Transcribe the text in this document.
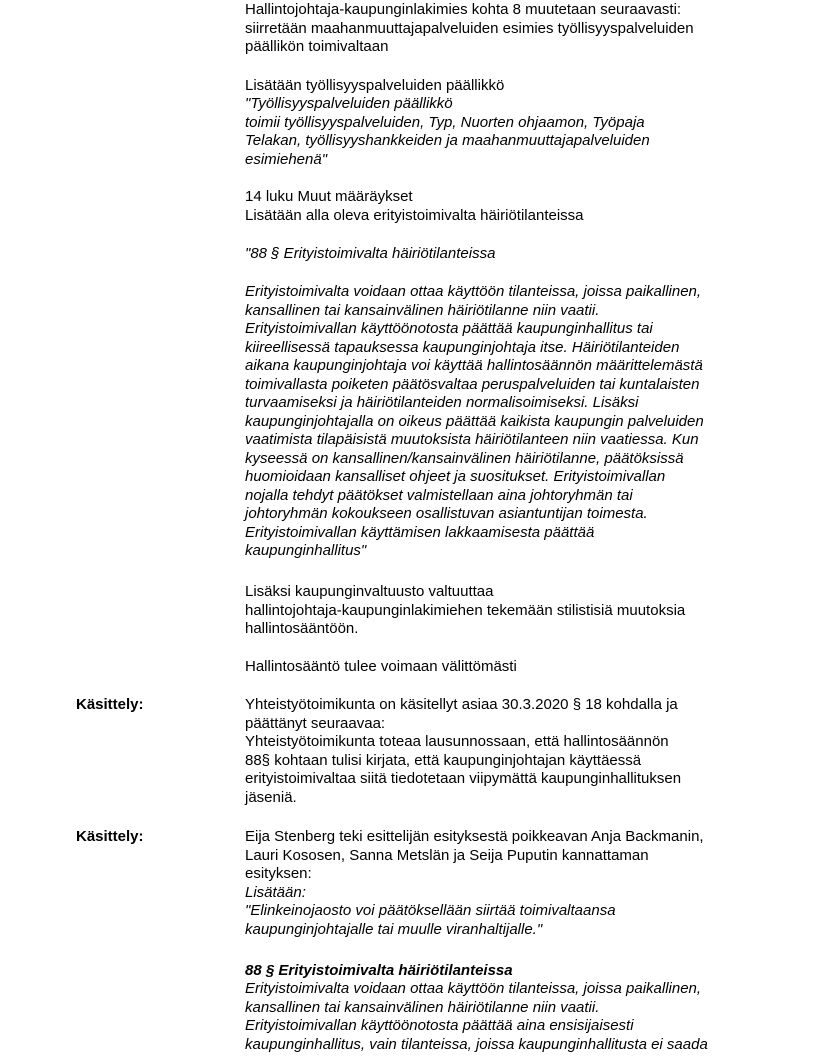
Hallintojohtaja-kaupunginlakimies kohta 8 muutetaan seuraavasti:
siirretään maahanmuuttajapalveluiden esimies työllisyyspalveluiden
päällikön toimivaltaan
Lisätään työllisyyspalveluiden päällikkö
"Työllisyyspalveluiden päällikkö
toimii työllisyyspalveluiden, Typ, Nuorten ohjaamon, Työpaja
Telakan, työllisyyshankkeiden ja maahanmuuttajapalveluiden
esimiehenä"
14 luku Muut määräykset
Lisätään alla oleva erityistoimivalta häiriötilanteissa
"88 § Erityistoimivalta häiriötilanteissa
Erityistoimivalta voidaan ottaa käyttöön tilanteissa, joissa paikallinen,
kansallinen tai kansainvälinen häiriötilanne niin vaatii.
Erityistoimivallan käyttöönotosta päättää kaupunginhallitus tai
kiireellisessä tapauksessa kaupunginjohtaja itse. Häiriötilanteiden
aikana kaupunginjohtaja voi käyttää hallintosäännön määrittelemästä
toimivallasta poiketen päätösvaltaa peruspalveluiden tai kuntalaisten
turvaamiseksi ja häiriötilanteiden normalisoimiseksi. Lisäksi
kaupunginjohtajalla on oikeus päättää kaikista kaupungin palveluiden
vaatimista tilapäisistä muutoksista häiriötilanteen niin vaatiessa. Kun
kyseessä on kansallinen/kansainvälinen häiriötilanne, päätöksissä
huomioidaan kansalliset ohjeet ja suositukset. Erityistoimivallan
nojalla tehdyt päätökset valmistellaan aina johtoryhmän tai
johtoryhmän kokoukseen osallistuvan asiantuntijan toimesta.
Erityistoimivallan käyttämisen lakkaamisesta päättää
kaupunginhallitus"
Lisäksi kaupunginvaltuusto valtuuttaa
hallintojohtaja-kaupunginlakimiehen tekemään stilistisiä muutoksia
hallintosääntöön.
Hallintosääntö tulee voimaan välittömästi
Käsittely:	Yhteistyötoimikunta on käsitellyt asiaa 30.3.2020 § 18 kohdalla ja
päättänyt seuraavaa:
Yhteistyötoimikunta toteaa lausunnossaan, että hallintosäännön
88§ kohtaan tulisi kirjata, että kaupunginjohtajan käyttäessä
erityistoimivaltaa siitä tiedotetaan viipymättä kaupunginhallituksen
jäseniä.
Käsittely:	Eija Stenberg teki esittelijän esityksestä poikkeavan Anja Backmanin,
Lauri Kososen, Sanna Metslän ja Seija Puputin kannattaman
esityksen:
Lisätään:
"Elinkeinojaosto voi päätöksellään siirtää toimivaltaansa
kaupunginjohtajalle tai muulle viranhaltijalle."
88 § Erityistoimivalta häiriötilanteissa
Erityistoimivalta voidaan ottaa käyttöön tilanteissa, joissa paikallinen,
kansallinen tai kansainvälinen häiriötilanne niin vaatii.
Erityistoimivallan käyttöönotosta päättää aina ensisijaisesti
kaupunginhallitus, vain tilanteissa, joissa kaupunginhallitusta ei saada
